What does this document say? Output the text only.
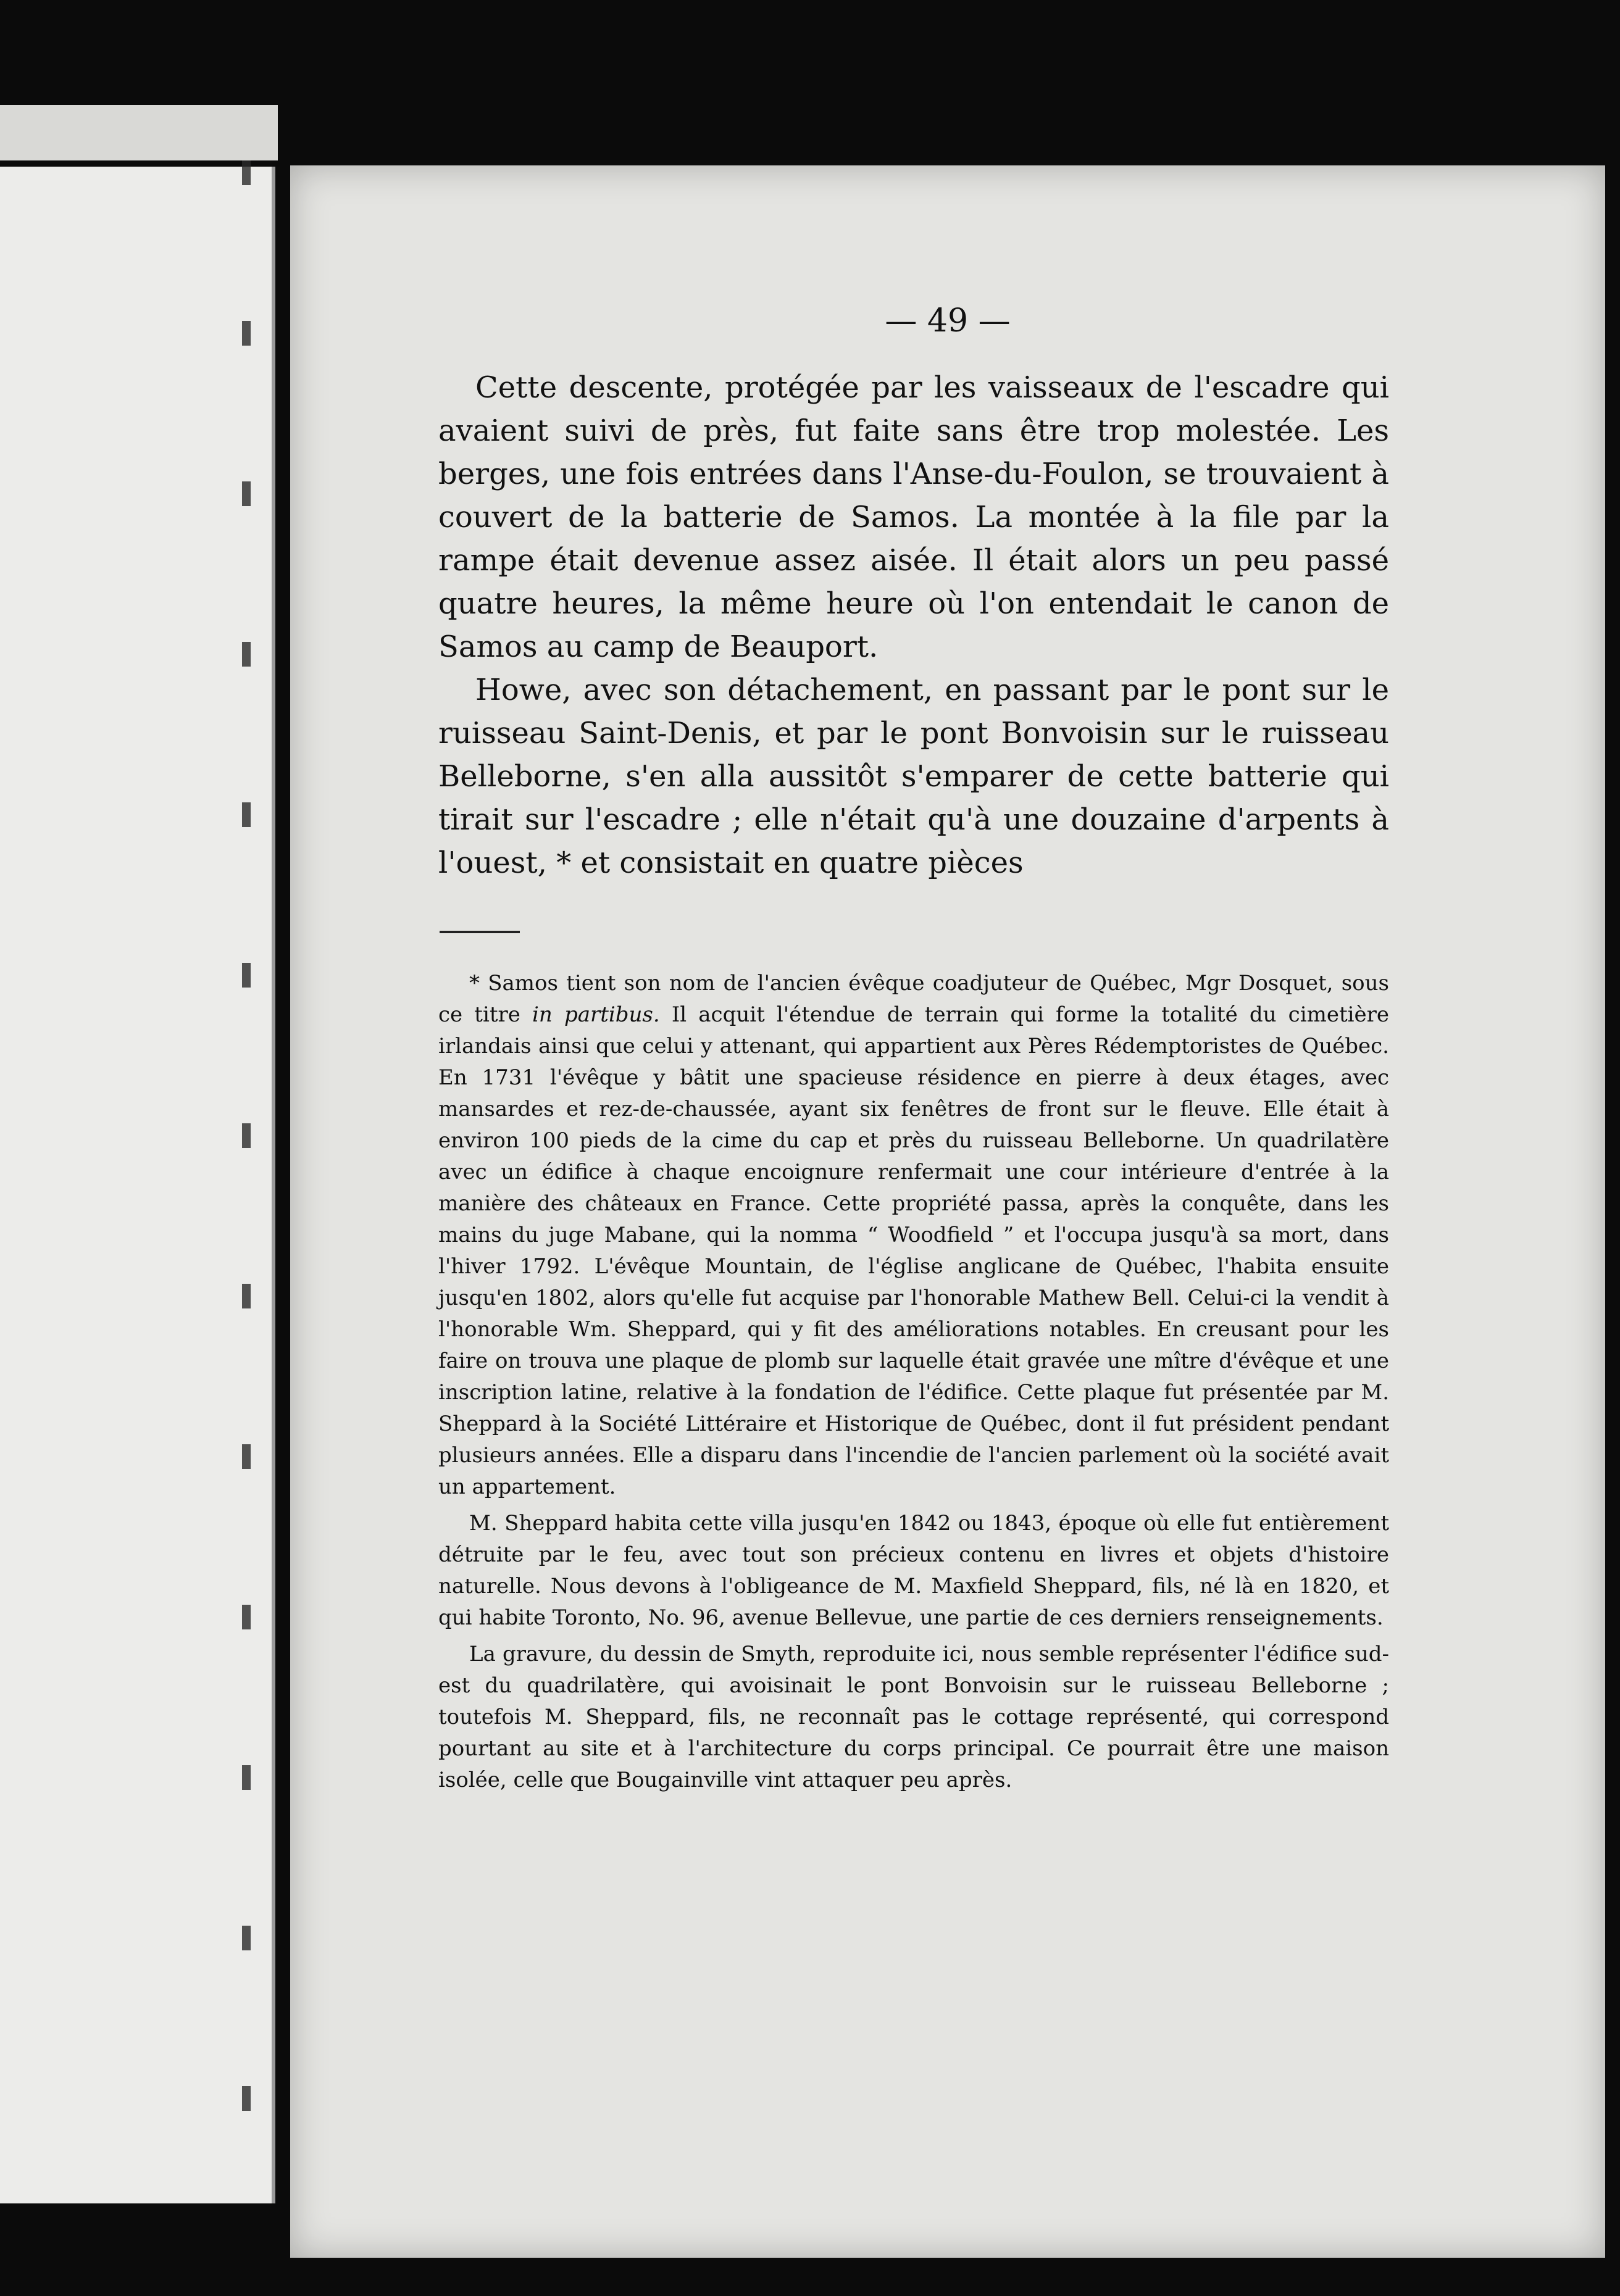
— 49 —

Cette descente, protégée par les vaisseaux de l'escadre qui avaient suivi de près, fut faite sans être trop molestée. Les berges, une fois entrées dans l'Anse-du-Foulon, se trouvaient à couvert de la batterie de Samos. La montée à la file par la rampe était devenue assez aisée. Il était alors un peu passé quatre heures, la même heure où l'on entendait le canon de Samos au camp de Beauport.

Howe, avec son détachement, en passant par le pont sur le ruisseau Saint-Denis, et par le pont Bonvoisin sur le ruisseau Belleborne, s'en alla aussitôt s'emparer de cette batterie qui tirait sur l'escadre ; elle n'était qu'à une douzaine d'arpents à l'ouest, * et consistait en quatre pièces

* Samos tient son nom de l'ancien évêque coadjuteur de Québec, Mgr Dosquet, sous ce titre in partibus. Il acquit l'étendue de terrain qui forme la totalité du cimetière irlandais ainsi que celui y attenant, qui appartient aux Pères Rédemptoristes de Québec. En 1731 l'évêque y bâtit une spacieuse résidence en pierre à deux étages, avec mansardes et rez-de-chaussée, ayant six fenêtres de front sur le fleuve. Elle était à environ 100 pieds de la cime du cap et près du ruisseau Belleborne. Un quadrilatère avec un édifice à chaque encoignure renfermait une cour intérieure d'entrée à la manière des châteaux en France. Cette propriété passa, après la conquête, dans les mains du juge Mabane, qui la nomma “ Woodfield ” et l'occupa jusqu'à sa mort, dans l'hiver 1792. L'évêque Mountain, de l'église anglicane de Québec, l'habita ensuite jusqu'en 1802, alors qu'elle fut acquise par l'honorable Mathew Bell. Celui-ci la vendit à l'honorable Wm. Sheppard, qui y fit des améliorations notables. En creusant pour les faire on trouva une plaque de plomb sur laquelle était gravée une mître d'évêque et une inscription latine, relative à la fondation de l'édifice. Cette plaque fut présentée par M. Sheppard à la Société Littéraire et Historique de Québec, dont il fut président pendant plusieurs années. Elle a disparu dans l'incendie de l'ancien parlement où la société avait un appartement.

M. Sheppard habita cette villa jusqu'en 1842 ou 1843, époque où elle fut entièrement détruite par le feu, avec tout son précieux contenu en livres et objets d'histoire naturelle. Nous devons à l'obligeance de M. Maxfield Sheppard, fils, né là en 1820, et qui habite Toronto, No. 96, avenue Bellevue, une partie de ces derniers renseignements.

La gravure, du dessin de Smyth, reproduite ici, nous semble représenter l'édifice sud-est du quadrilatère, qui avoisinait le pont Bonvoisin sur le ruisseau Belleborne ; toutefois M. Sheppard, fils, ne reconnaît pas le cottage représenté, qui correspond pourtant au site et à l'architecture du corps principal. Ce pourrait être une maison isolée, celle que Bougainville vint attaquer peu après.
